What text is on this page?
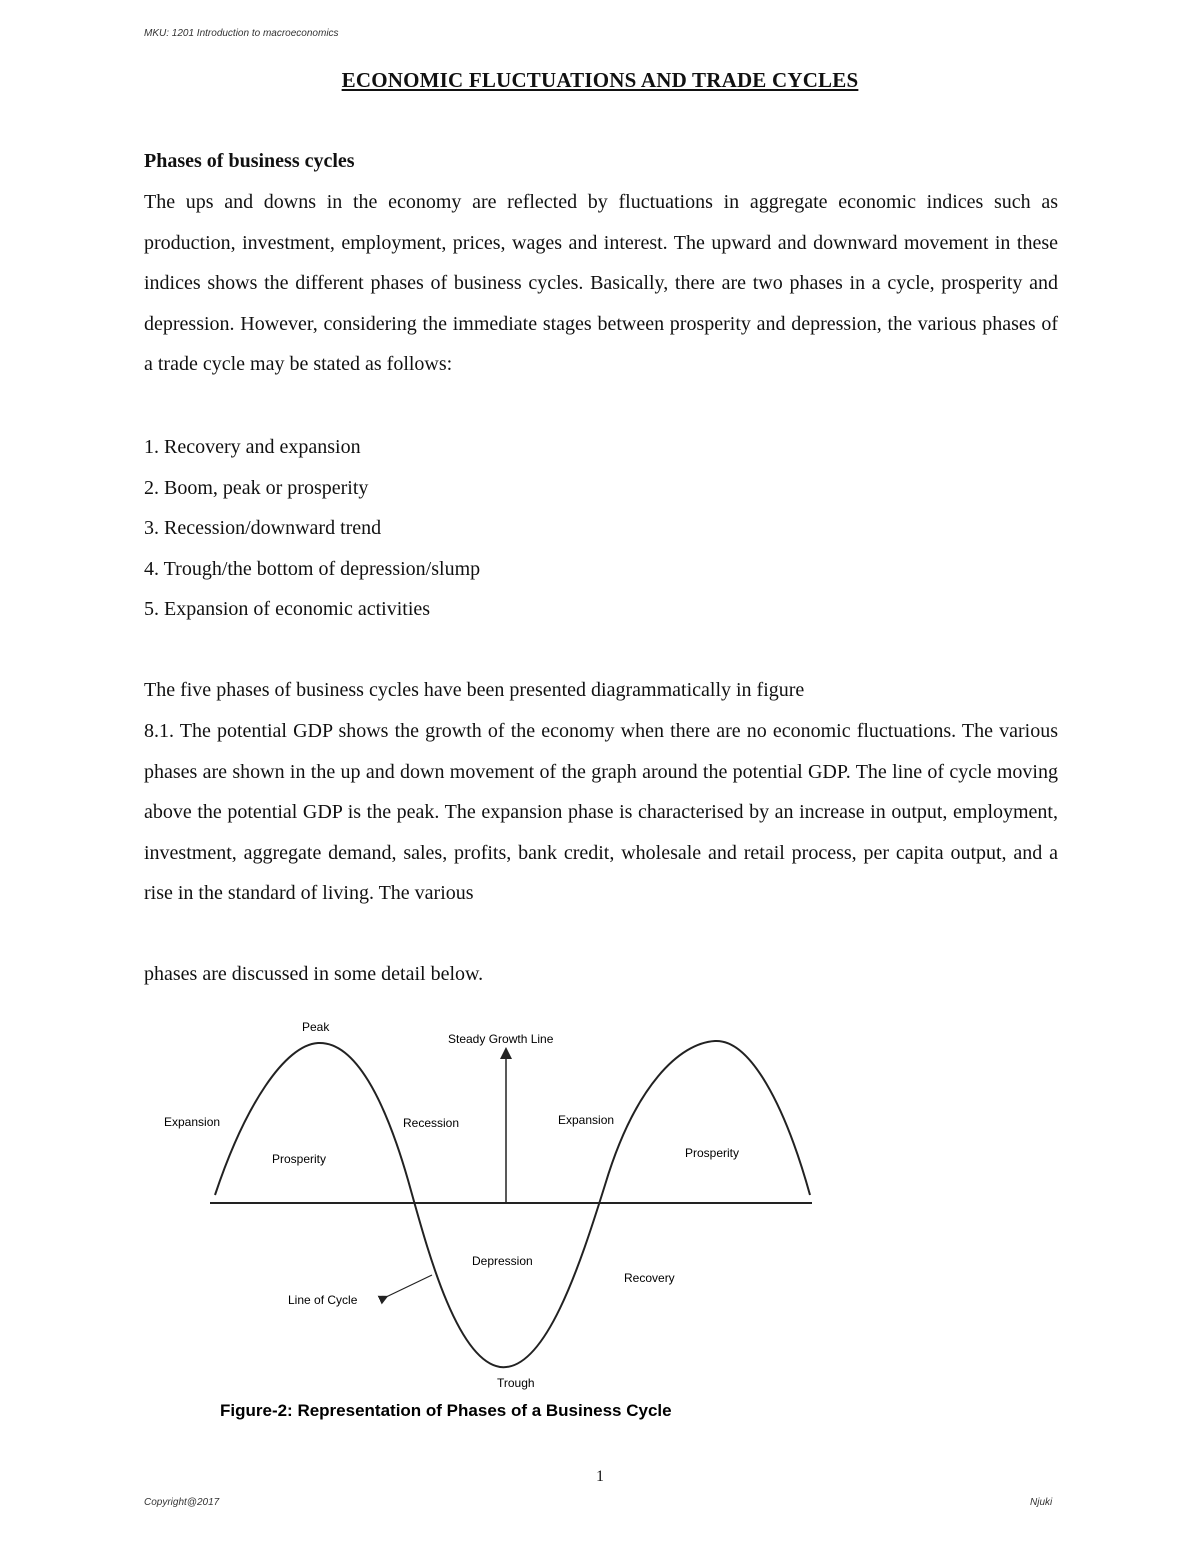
MKU: 1201 Introduction to macroeconomics
ECONOMIC FLUCTUATIONS AND TRADE CYCLES
Phases of business cycles

The ups and downs in the economy are reflected by fluctuations in aggregate economic indices such as production, investment, employment, prices, wages and interest. The upward and downward movement in these indices shows the different phases of business cycles. Basically, there are two phases in a cycle, prosperity and depression. However, considering the immediate stages between prosperity and depression, the various phases of a trade cycle may be stated as follows:

1. Recovery and expansion
2. Boom, peak or prosperity
3. Recession/downward trend
4. Trough/the bottom of depression/slump
5. Expansion of economic activities

The five phases of business cycles have been presented diagrammatically in figure

8.1. The potential GDP shows the growth of the economy when there are no economic fluctuations. The various phases are shown in the up and down movement of the graph around the potential GDP. The line of cycle moving above the potential GDP is the peak. The expansion phase is characterised by an increase in output, employment, investment, aggregate demand, sales, profits, bank credit, wholesale and retail process, per capita output, and a rise in the standard of living. The various

phases are discussed in some detail below.

Peak
Steady Growth Line
Expansion
Prosperity
Recession	Expansion
Prosperity
Depression
Recovery
Line of Cycle
Trough
Figure-2: Representation of Phases of a Business Cycle
1
Copyright@2017	Njuki
